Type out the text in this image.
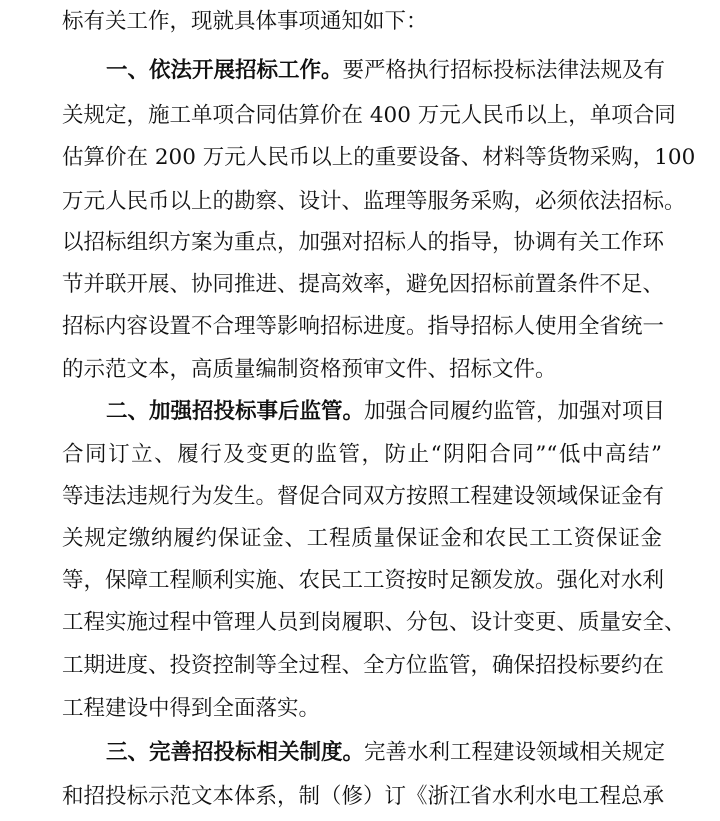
标有关工作，现就具体事项通知如下：
一、依法开展招标工作。要严格执行招标投标法律法规及有
关规定，施工单项合同估算价在 400 万元人民币以上，单项合同
估算价在 200 万元人民币以上的重要设备、材料等货物采购，100
万元人民币以上的勘察、设计、监理等服务采购，必须依法招标。
以招标组织方案为重点，加强对招标人的指导，协调有关工作环
节并联开展、协同推进、提高效率，避免因招标前置条件不足、
招标内容设置不合理等影响招标进度。指导招标人使用全省统一
的示范文本，高质量编制资格预审文件、招标文件。
二、加强招投标事后监管。加强合同履约监管，加强对项目
合同订立、履行及变更的监管，防止“阴阳合同”“低中高结”
等违法违规行为发生。督促合同双方按照工程建设领域保证金有
关规定缴纳履约保证金、工程质量保证金和农民工工资保证金
等，保障工程顺利实施、农民工工资按时足额发放。强化对水利
工程实施过程中管理人员到岗履职、分包、设计变更、质量安全、
工期进度、投资控制等全过程、全方位监管，确保招投标要约在
工程建设中得到全面落实。
三、完善招投标相关制度。完善水利工程建设领域相关规定
和招投标示范文本体系，制（修）订《浙江省水利水电工程总承
